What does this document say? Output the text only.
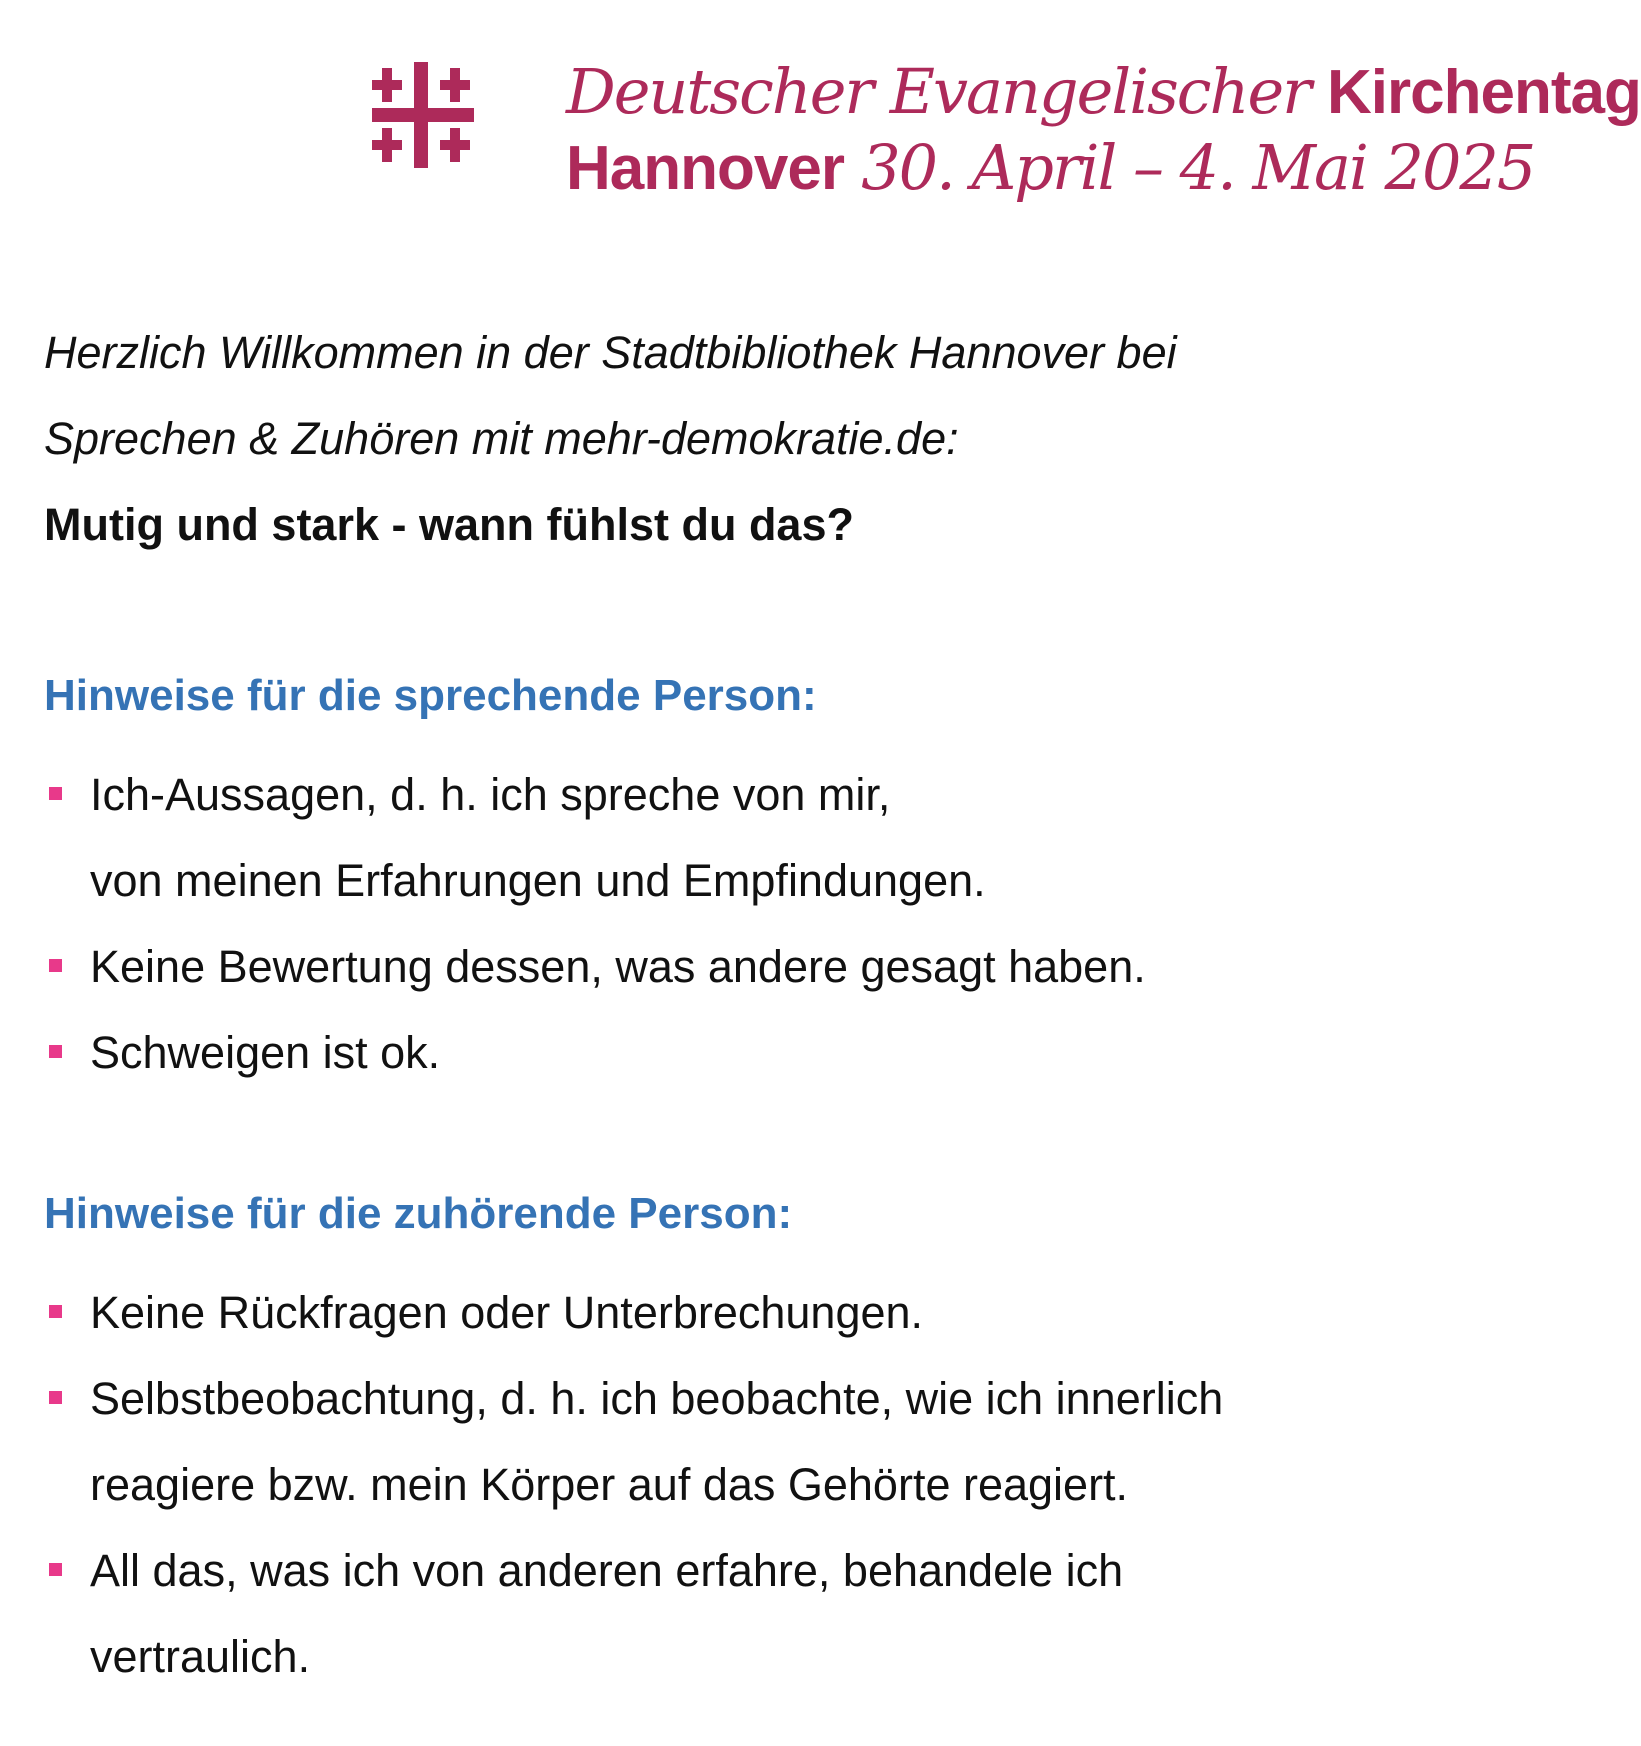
Deutscher Evangelischer Kirchentag
Hannover 30. April – 4. Mai 2025
Herzlich Willkommen in der Stadtbibliothek Hannover bei
Sprechen & Zuhören mit mehr-demokratie.de:
Mutig und stark - wann fühlst du das?
Hinweise für die sprechende Person:
Ich-Aussagen, d. h. ich spreche von mir,
von meinen Erfahrungen und Empfindungen.
Keine Bewertung dessen, was andere gesagt haben.
Schweigen ist ok.
Hinweise für die zuhörende Person:
Keine Rückfragen oder Unterbrechungen.
Selbstbeobachtung, d. h. ich beobachte, wie ich innerlich
reagiere bzw. mein Körper auf das Gehörte reagiert.
All das, was ich von anderen erfahre, behandele ich
vertraulich.
